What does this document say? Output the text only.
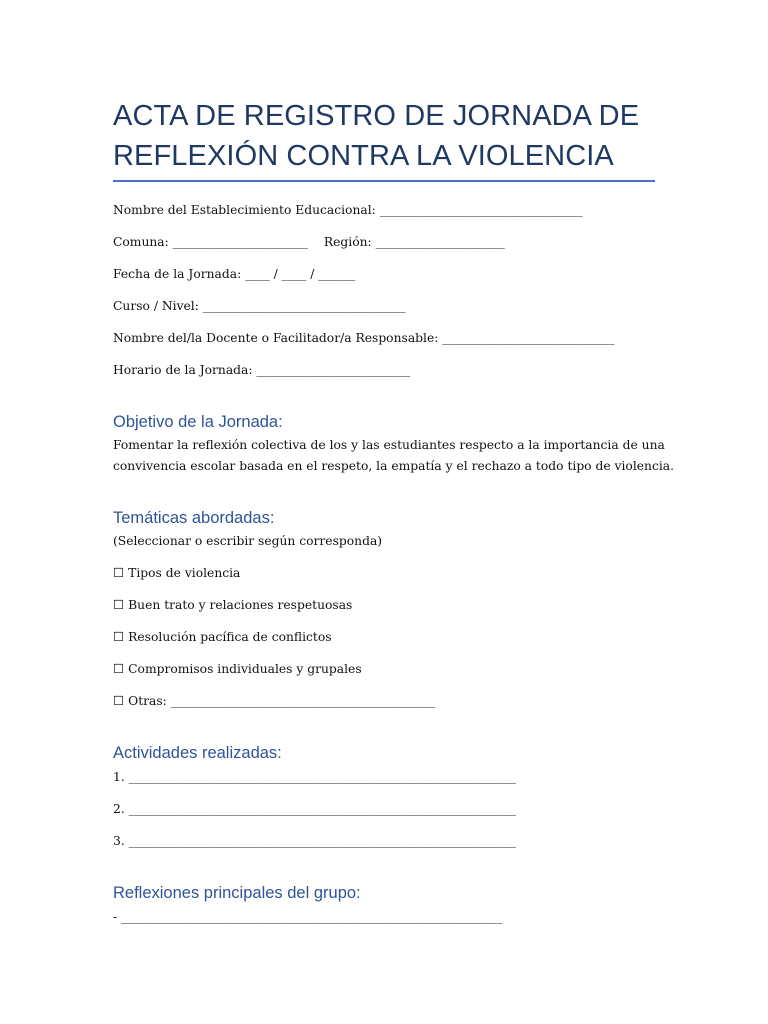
ACTA DE REGISTRO DE JORNADA DE
REFLEXIÓN CONTRA LA VIOLENCIA
Nombre del Establecimiento Educacional: _________________________________
Comuna: ______________________ Región: _____________________
Fecha de la Jornada: ____ / ____ / ______
Curso / Nivel: _________________________________
Nombre del/la Docente o Facilitador/a Responsable: ____________________________
Horario de la Jornada: _________________________
Objetivo de la Jornada:
Fomentar la reflexión colectiva de los y las estudiantes respecto a la importancia de una
convivencia escolar basada en el respeto, la empatía y el rechazo a todo tipo de violencia.
Temáticas abordadas:
(Seleccionar o escribir según corresponda)
☐ Tipos de violencia
☐ Buen trato y relaciones respetuosas
☐ Resolución pacífica de conflictos
☐ Compromisos individuales y grupales
☐ Otras: ___________________________________________
Actividades realizadas:
1. _______________________________________________________________
2. _______________________________________________________________
3. _______________________________________________________________
Reflexiones principales del grupo:
- ______________________________________________________________
